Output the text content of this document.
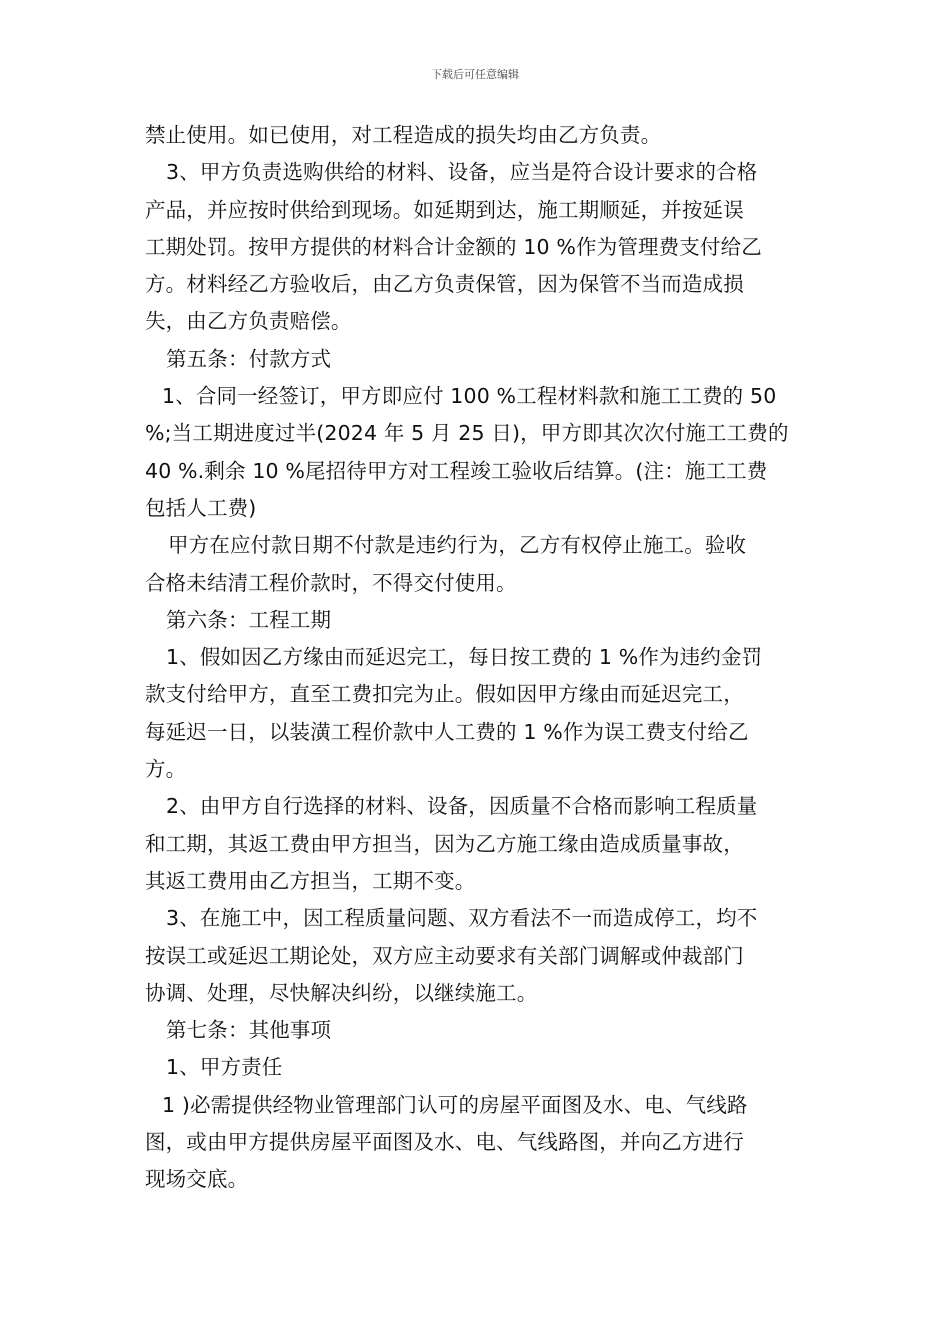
下载后可任意编辑
禁止使用。如已使用，对工程造成的损失均由乙方负责。
3、甲方负责选购供给的材料、设备，应当是符合设计要求的合格
产品，并应按时供给到现场。如延期到达，施工期顺延，并按延误
工期处罚。按甲方提供的材料合计金额的 10 %作为管理费支付给乙
方。材料经乙方验收后，由乙方负责保管，因为保管不当而造成损
失，由乙方负责赔偿。
第五条：付款方式
1、合同一经签订，甲方即应付 100 %工程材料款和施工工费的 50
%;当工期进度过半(2024 年 5 月 25 日)，甲方即其次次付施工工费的
40 %.剩余 10 %尾招待甲方对工程竣工验收后结算。(注：施工工费
包括人工费)
甲方在应付款日期不付款是违约行为，乙方有权停止施工。验收
合格未结清工程价款时，不得交付使用。
第六条：工程工期
1、假如因乙方缘由而延迟完工，每日按工费的 1 %作为违约金罚
款支付给甲方，直至工费扣完为止。假如因甲方缘由而延迟完工，
每延迟一日，以装潢工程价款中人工费的 1 %作为误工费支付给乙
方。
2、由甲方自行选择的材料、设备，因质量不合格而影响工程质量
和工期，其返工费由甲方担当，因为乙方施工缘由造成质量事故，
其返工费用由乙方担当，工期不变。
3、在施工中，因工程质量问题、双方看法不一而造成停工，均不
按误工或延迟工期论处，双方应主动要求有关部门调解或仲裁部门
协调、处理，尽快解决纠纷，以继续施工。
第七条：其他事项
1、甲方责任
1 )必需提供经物业管理部门认可的房屋平面图及水、电、气线路
图，或由甲方提供房屋平面图及水、电、气线路图，并向乙方进行
现场交底。
